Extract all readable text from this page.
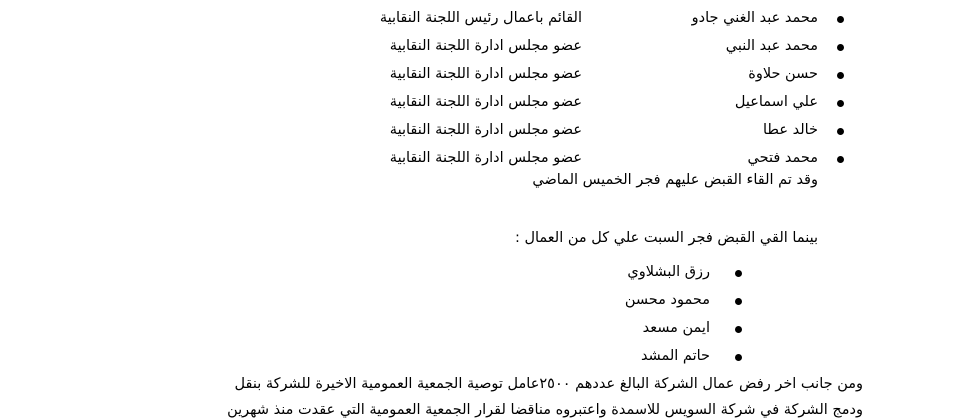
محمد عبد الغني جادو
القائم باعمال رئيس اللجنة النقابية
محمد عبد النبي
عضو مجلس ادارة اللجنة النقابية
حسن حلاوة
عضو مجلس ادارة اللجنة النقابية
علي اسماعيل
عضو مجلس ادارة اللجنة النقابية
خالد عطا
عضو مجلس ادارة اللجنة النقابية
محمد فتحي
عضو مجلس ادارة اللجنة النقابية
وقد تم القاء القبض عليهم فجر الخميس الماضي
بينما القي القبض فجر السبت علي كل من العمال :
رزق البشلاوي
محمود محسن
ايمن مسعد
حاتم المشد
ومن جانب اخر رفض عمال الشركة البالغ عددهم ٢٥٠٠عامل توصية الجمعية العمومية الاخيرة للشركة بنقل
ودمج الشركة في شركة السويس للاسمدة واعتبروه مناقضا لقرار الجمعية العمومية التي عقدت منذ شهرين
